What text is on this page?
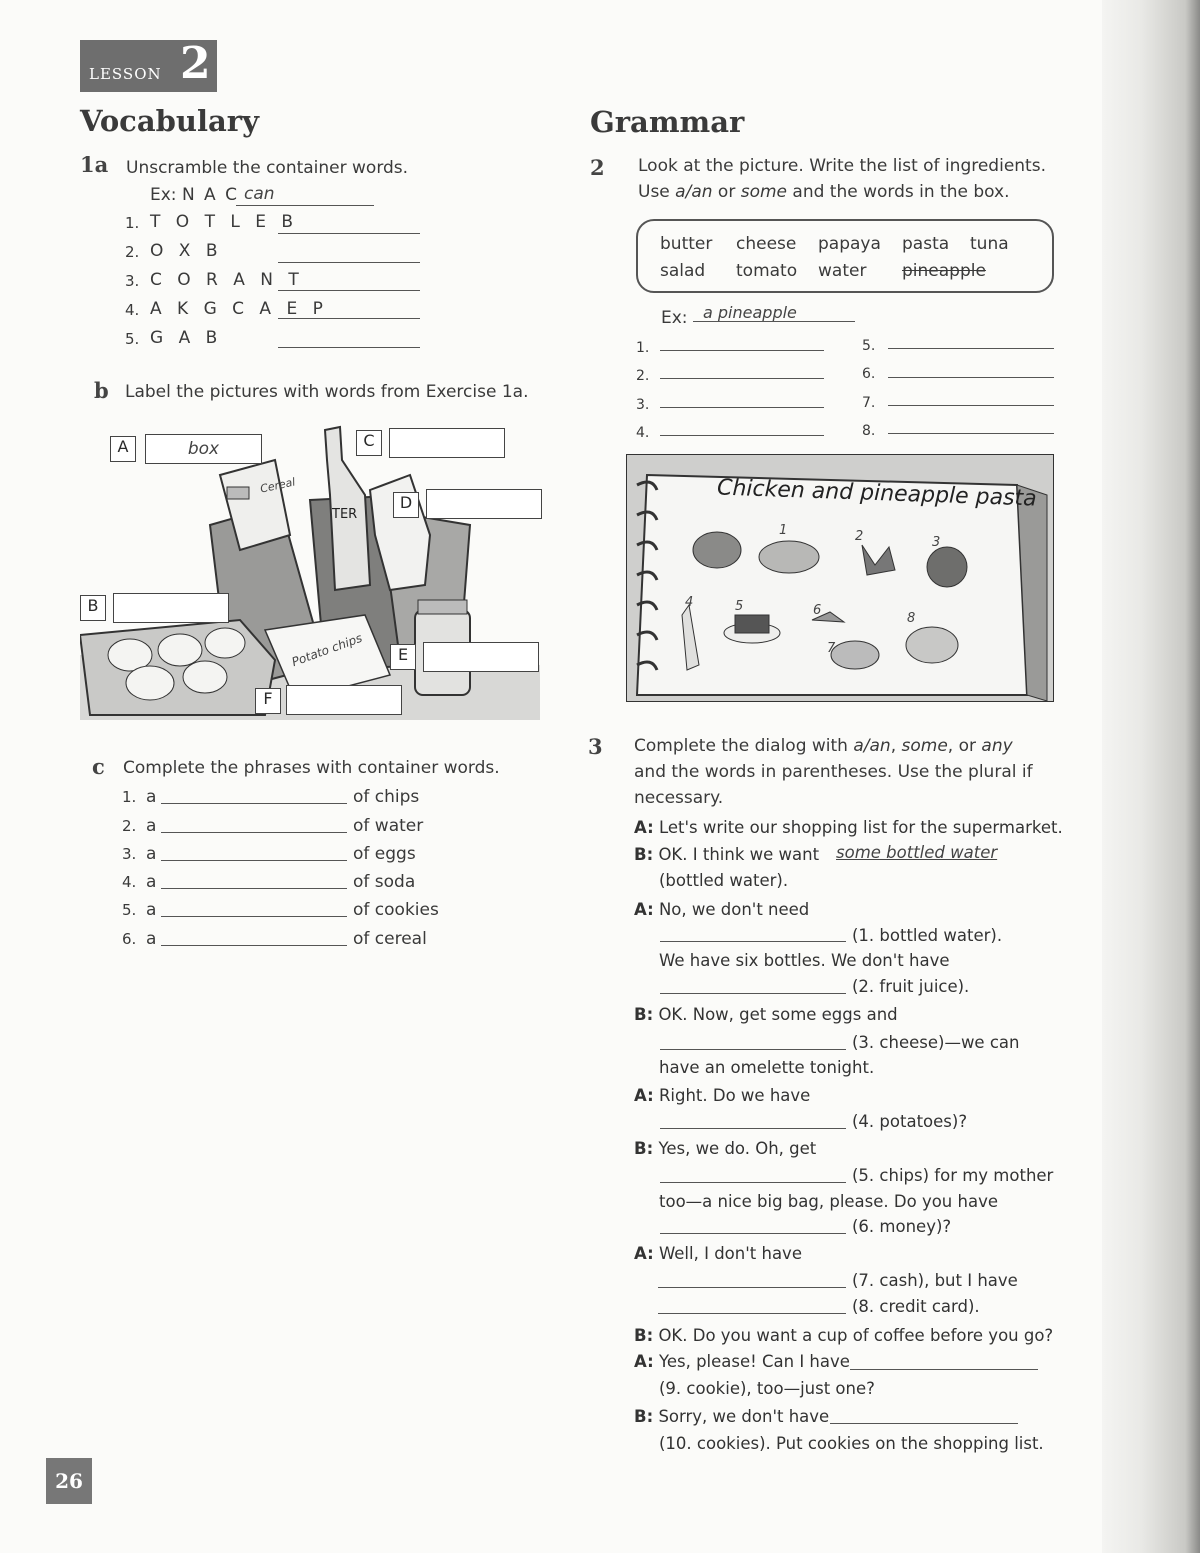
LESSON 2
Vocabulary
1a Unscramble the container words.
Ex: N A C can
1. T O T L E B
2. O X B
3. C O R A N T
4. A K G C A E P
5. G A B
b Label the pictures with words from Exercise 1a.
Cereal
TER
Potato chips
A	box
B
C
D
E
F
c Complete the phrases with container words.
1. a	of chips
2. a	of water
3. a	of eggs
4. a	of soda
5. a	of cookies
6. a	of cereal
Grammar
2 Look at the picture. Write the list of ingredients.
Use a/an or some and the words in the box.
butter cheese papaya pasta tuna
salad tomato water pineapple
Ex: a pineapple
1.
2.
3.
4.
5.
6.
7.
8.
Chicken and pineapple pasta
1	2	3
4	5	6
7
8
3 Complete the dialog with a/an, some, or any
and the words in parentheses. Use the plural if
necessary.
A: Let's write our shopping list for the supermarket.
B: OK. I think we want some bottled water
(bottled water).
A: No, we don't need
(1. bottled water).
We have six bottles. We don't have
(2. fruit juice).
B: OK. Now, get some eggs and
(3. cheese)—we can
have an omelette tonight.
A: Right. Do we have
(4. potatoes)?
B: Yes, we do. Oh, get
(5. chips) for my mother
too—a nice big bag, please. Do you have
(6. money)?
A: Well, I don't have
(7. cash), but I have
(8. credit card).
B: OK. Do you want a cup of coffee before you go?
A: Yes, please! Can I have
(9. cookie), too—just one?
B: Sorry, we don't have
(10. cookies). Put cookies on the shopping list.
26
